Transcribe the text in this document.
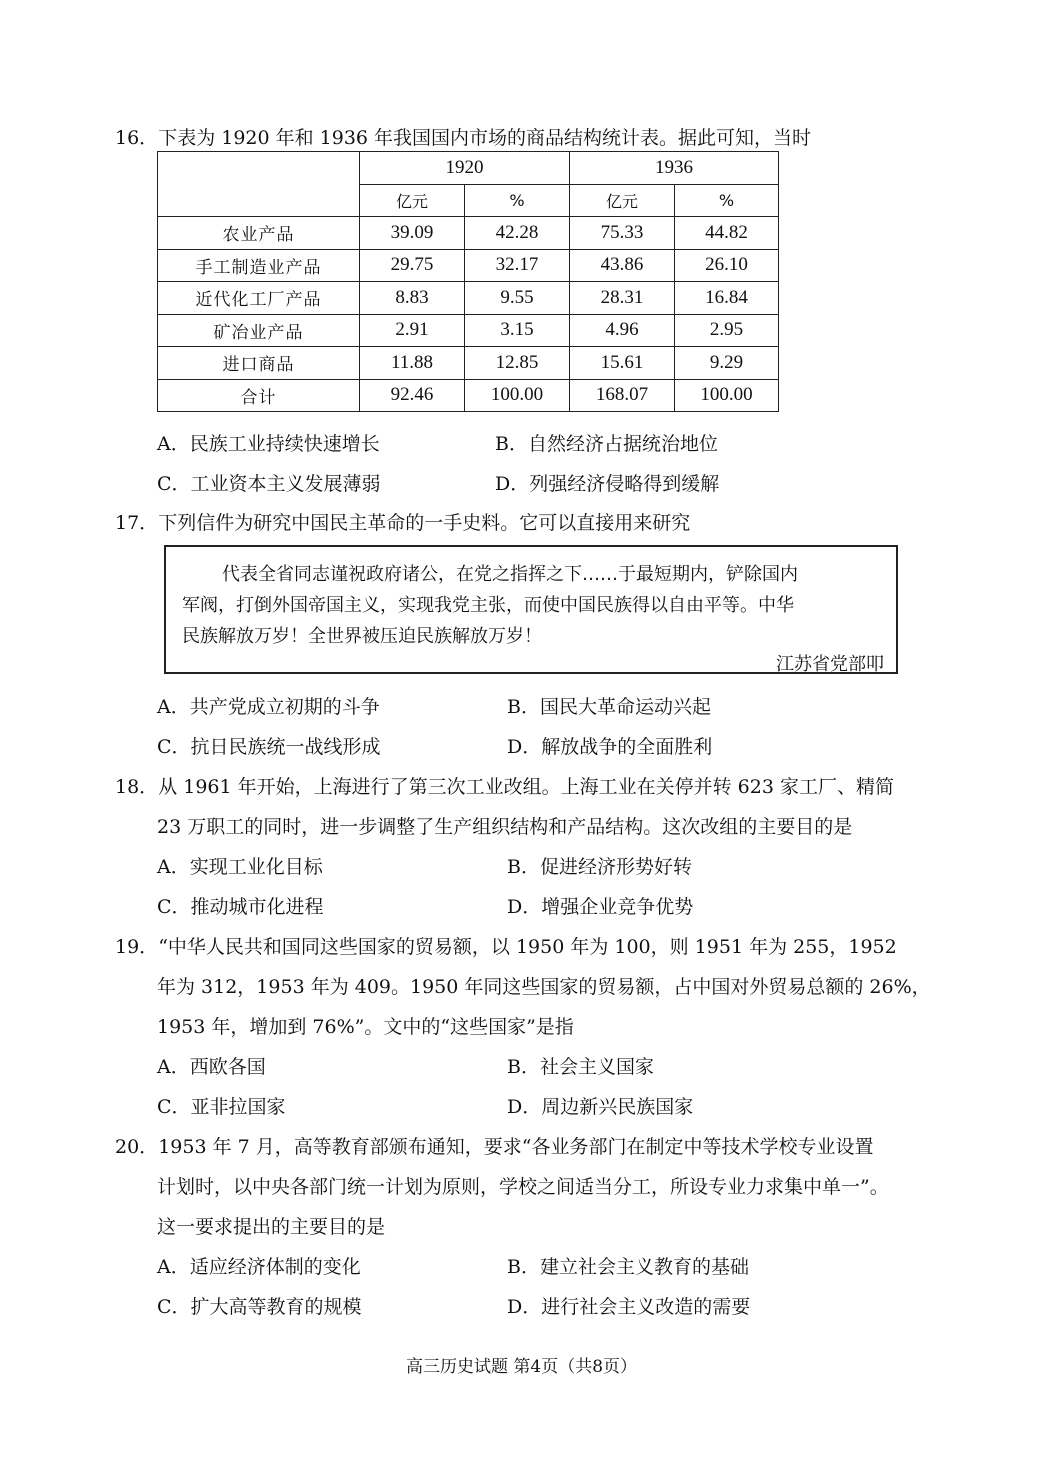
16．下表为 1920 年和 1936 年我国国内市场的商品结构统计表。据此可知，当时
	1920		1936	
	亿元	%	亿元	%
农业产品	39.09	42.28	75.33	44.82
手工制造业产品	29.75	32.17	43.86	26.10
近代化工厂产品	8.83	9.55	28.31	16.84
矿冶业产品	2.91	3.15	4.96	2.95
进口商品	11.88	12.85	15.61	9.29
合计	92.46	100.00	168.07	100.00
A．民族工业持续快速增长	B．自然经济占据统治地位
C．工业资本主义发展薄弱	D．列强经济侵略得到缓解
17．下列信件为研究中国民主革命的一手史料。它可以直接用来研究
代表全省同志谨祝政府诸公，在党之指挥之下……于最短期内，铲除国内
军阀，打倒外国帝国主义，实现我党主张，而使中国民族得以自由平等。中华
民族解放万岁！全世界被压迫民族解放万岁！
江苏省党部叩
A．共产党成立初期的斗争	B．国民大革命运动兴起
C．抗日民族统一战线形成	D．解放战争的全面胜利
18．从 1961 年开始，上海进行了第三次工业改组。上海工业在关停并转 623 家工厂、精简
23 万职工的同时，进一步调整了生产组织结构和产品结构。这次改组的主要目的是
A．实现工业化目标	B．促进经济形势好转
C．推动城市化进程	D．增强企业竞争优势
19．“中华人民共和国同这些国家的贸易额，以 1950 年为 100，则 1951 年为 255，1952
年为 312，1953 年为 409。1950 年同这些国家的贸易额，占中国对外贸易总额的 26%，
1953 年，增加到 76%”。文中的“这些国家”是指
A．西欧各国	B．社会主义国家
C．亚非拉国家	D．周边新兴民族国家
20．1953 年 7 月，高等教育部颁布通知，要求“各业务部门在制定中等技术学校专业设置
计划时，以中央各部门统一计划为原则，学校之间适当分工，所设专业力求集中单一”。
这一要求提出的主要目的是
A．适应经济体制的变化	B．建立社会主义教育的基础
C．扩大高等教育的规模	D．进行社会主义改造的需要
高三历史试题 第4页（共8页）
